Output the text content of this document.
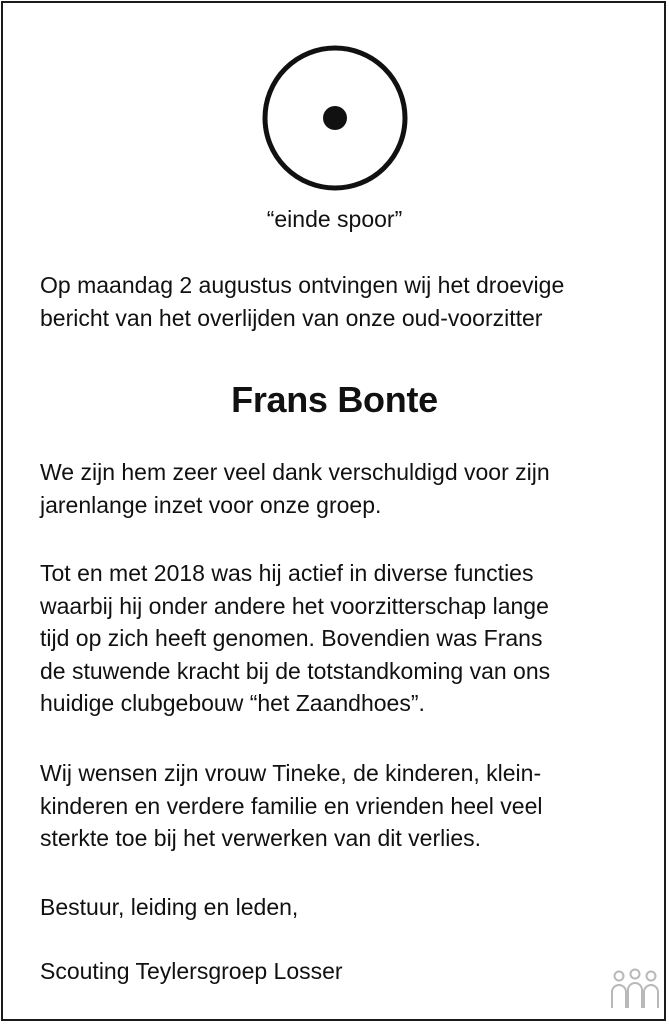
“einde spoor”

Op maandag 2 augustus ontvingen wij het droevige
bericht van het overlijden van onze oud-voorzitter

Frans Bonte

We zijn hem zeer veel dank verschuldigd voor zijn
jarenlange inzet voor onze groep.

Tot en met 2018 was hij actief in diverse functies
waarbij hij onder andere het voorzitterschap lange
tijd op zich heeft genomen. Bovendien was Frans
de stuwende kracht bij de totstandkoming van ons
huidige clubgebouw “het Zaandhoes”.

Wij wensen zijn vrouw Tineke, de kinderen, klein-
kinderen en verdere familie en vrienden heel veel
sterkte toe bij het verwerken van dit verlies.

Bestuur, leiding en leden,

Scouting Teylersgroep Losser
